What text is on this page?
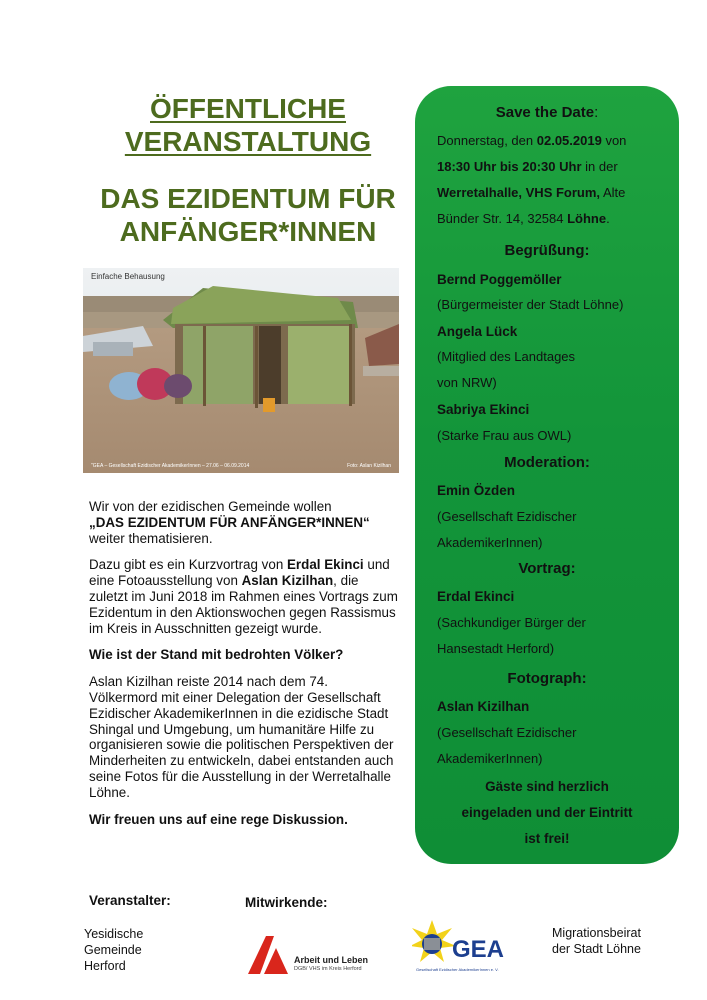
ÖFFENTLICHE
VERANSTALTUNG
DAS EZIDENTUM FÜR
ANFÄNGER*INNEN
Einfache Behausung
"GEA – Gesellschaft Ezidischer AkademikerInnen – 27.06 – 06.09.2014	Foto: Aslan Kizilhan

Wir von der ezidischen Gemeinde wollen
„DAS EZIDENTUM FÜR ANFÄNGER*INNEN“
weiter thematisieren.

Dazu gibt es ein Kurzvortrag von Erdal Ekinci und eine Fotoausstellung von Aslan Kizilhan, die zuletzt im Juni 2018 im Rahmen eines Vortrags zum Ezidentum in den Aktionswochen gegen Rassismus im Kreis in Ausschnitten gezeigt wurde.

Wie ist der Stand mit bedrohten Völker?

Aslan Kizilhan reiste 2014 nach dem 74. Völkermord mit einer Delegation der Gesellschaft Ezidischer AkademikerInnen in die ezidische Stadt Shingal und Umgebung, um humanitäre Hilfe zu organisieren sowie die politischen Perspektiven der Minderheiten zu entwickeln, dabei entstanden auch seine Fotos für die Ausstellung in der Werretalhalle Löhne.

Wir freuen uns auf eine rege Diskussion.

Save the Date:
Donnerstag, den 02.05.2019 von
18:30 Uhr bis 20:30 Uhr in der
Werretalhalle, VHS Forum, Alte
Bünder Str. 14, 32584 Löhne.
Begrüßung:
Bernd Poggemöller
(Bürgermeister der Stadt Löhne)
Angela Lück
(Mitglied des Landtages
von NRW)
Sabriya Ekinci
(Starke Frau aus OWL)
Moderation:
Emin Özden
(Gesellschaft Ezidischer
AkademikerInnen)
Vortrag:
Erdal Ekinci
(Sachkundiger Bürger der
Hansestadt Herford)
Fotograph:
Aslan Kizilhan
(Gesellschaft Ezidischer
AkademikerInnen)
Gäste sind herzlich
eingeladen und der Eintritt
ist frei!
Veranstalter:	Mitwirkende:
Yesidische
Gemeinde
Herford	Arbeit und Leben
DGB/ VHS im Kreis Herford
GEA
Gesellschaft Ezidischer AkademikerInnen e. V.
Migrationsbeirat
der Stadt Löhne
